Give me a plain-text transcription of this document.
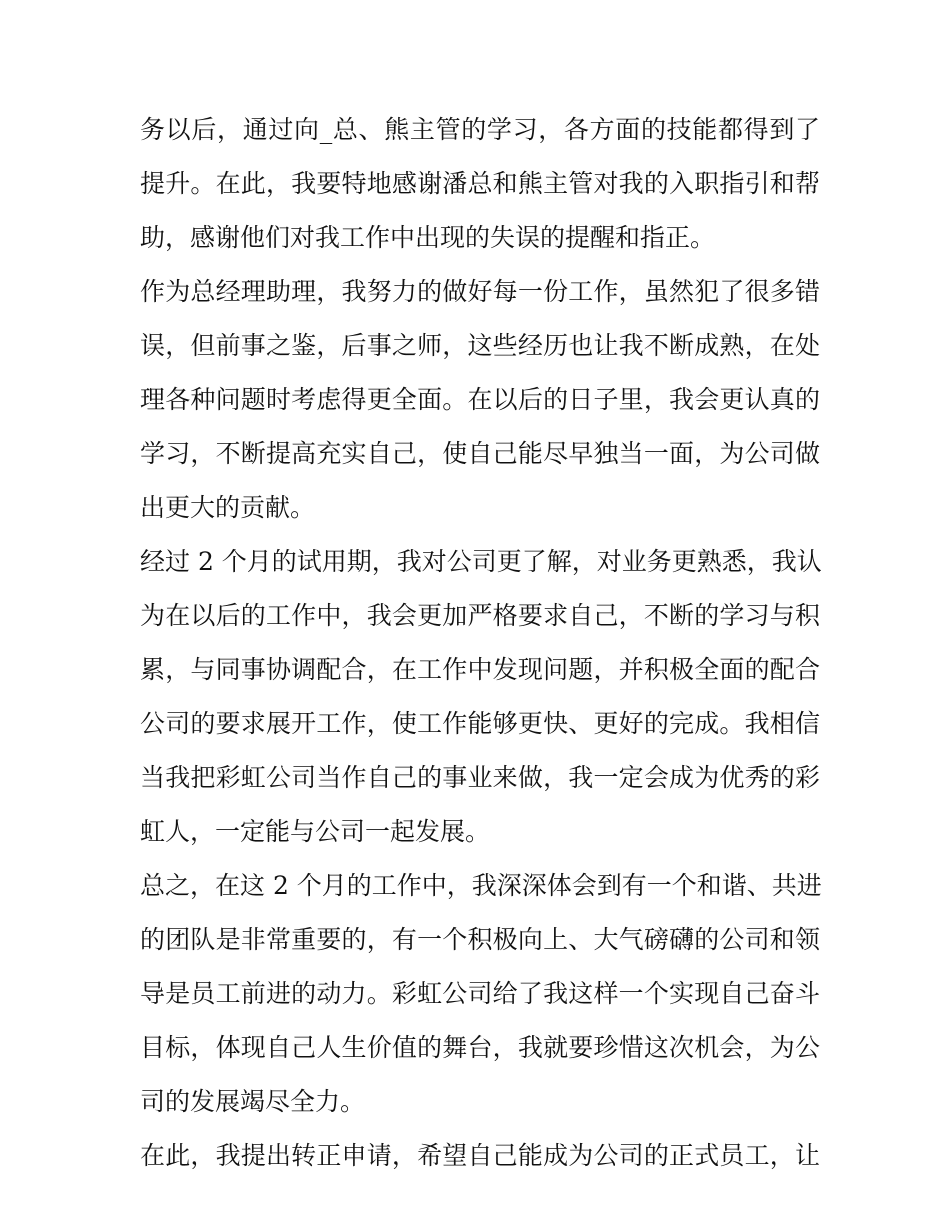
务以后，通过向_总、熊主管的学习，各方面的技能都得到了
提升。在此，我要特地感谢潘总和熊主管对我的入职指引和帮
助，感谢他们对我工作中出现的失误的提醒和指正。
作为总经理助理，我努力的做好每一份工作，虽然犯了很多错
误，但前事之鉴，后事之师，这些经历也让我不断成熟，在处
理各种问题时考虑得更全面。在以后的日子里，我会更认真的
学习，不断提高充实自己，使自己能尽早独当一面，为公司做
出更大的贡献。
经过 2 个月的试用期，我对公司更了解，对业务更熟悉，我认
为在以后的工作中，我会更加严格要求自己，不断的学习与积
累，与同事协调配合，在工作中发现问题，并积极全面的配合
公司的要求展开工作，使工作能够更快、更好的完成。我相信
当我把彩虹公司当作自己的事业来做，我一定会成为优秀的彩
虹人，一定能与公司一起发展。
总之，在这 2 个月的工作中，我深深体会到有一个和谐、共进
的团队是非常重要的，有一个积极向上、大气磅礴的公司和领
导是员工前进的动力。彩虹公司给了我这样一个实现自己奋斗
目标，体现自己人生价值的舞台，我就要珍惜这次机会，为公
司的发展竭尽全力。
在此，我提出转正申请，希望自己能成为公司的正式员工，让
